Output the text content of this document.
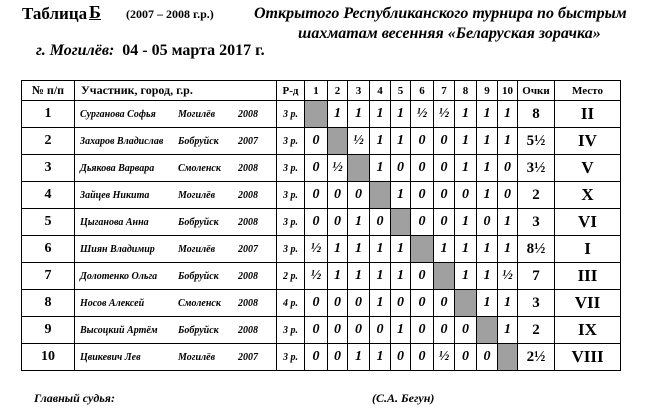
Таблица Б (2007 – 2008 г.р.)	Открытого Республиканского турнира по быстрым
шахматам весенняя «Беларуская зорачка»
г. Могилёв: 04 - 05 марта 2017 г.
№ п/п	Участник, город, г.р.	Р-д	1	2	3	4	5	6	7	8	9	10	Очки	Место
1	Сурганова Софья Могилёв 2008	3 р.		1	1	1	1	½	½	1	1	1	8	II
2	Захаров Владислав Бобруйск 2007	3 р.	0		½	1	1	0	0	1	1	1	5½	IV
3	Дьякова Варвара Смоленск 2008	3 р.	0	½		1	0	0	0	1	1	0	3½	V
4	Зайцев Никита Могилёв 2008	3 р.	0	0	0		1	0	0	0	1	0	2	X
5	Цыганова Анна Бобруйск 2008	3 р.	0	0	1	0		0	0	1	0	1	3	VI
6	Шиян Владимир Могилёв 2007	3 р.	½	1	1	1	1		1	1	1	1	8½	I
7	Долотенко Ольга Бобруйск 2008	2 р.	½	1	1	1	1	0		1	1	½	7	III
8	Носов Алексей Смоленск 2008	4 р.	0	0	0	1	0	0	0		1	1	3	VII
9	Высоцкий Артём Бобруйск 2008	3 р.	0	0	0	0	1	0	0	0		1	2	IX
10	Цвикевич Лев Могилёв 2007	3 р.	0	0	1	1	0	0	½	0	0		2½	VIII
Главный судья:	(С.А. Бегун)
